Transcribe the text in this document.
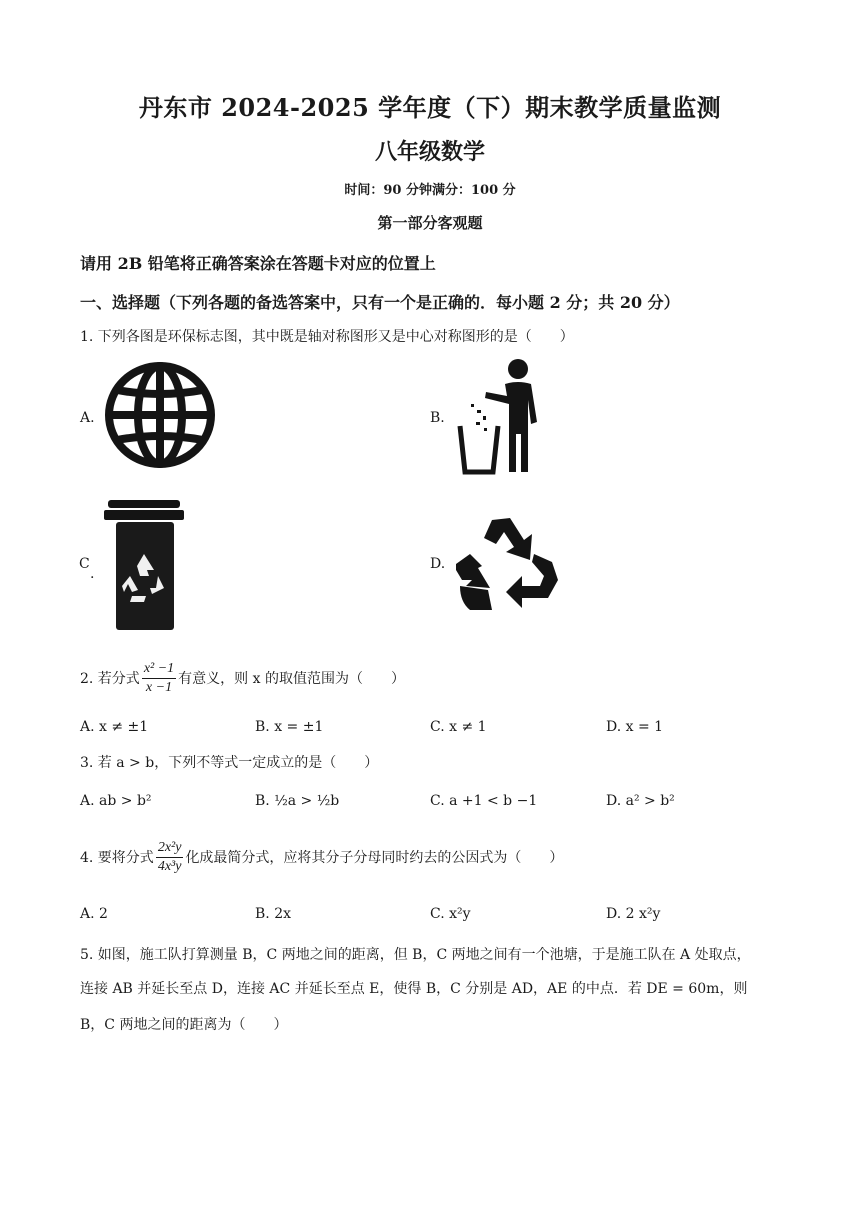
丹东市 2024-2025 学年度（下）期末教学质量监测
八年级数学
时间：90 分钟满分：100 分
第一部分客观题
请用 2B 铅笔将正确答案涂在答题卡对应的位置上
一、选择题（下列各题的备选答案中，只有一个是正确的．每小题 2 分；共 20 分）
1. 下列各图是环保标志图，其中既是轴对称图形又是中心对称图形的是（　　）
A.	B.
C
.
D.
2. 若分式 $\frac{\text{x² −1}}{x -1}$ 有意义，则 x 的取值范围为（　　）
A. x ≠ ±1	B. x = ±1	C. x ≠ 1	D. x = 1
3. 若 a > b，下列不等式一定成立的是（　　）
A. ab > b²	B. ½a > ½b	C. a +1 < b −1	D. a² > b²
4. 要将分式 $\frac{\text{2x²y}}{\text{4x³y}}$ 化成最简分式，应将其分子分母同时约去的公因式为（　　）
A. 2	B. 2x	C. x²y	D. 2 x²y
5. 如图，施工队打算测量 B，C 两地之间的距离，但 B，C 两地之间有一个池塘，于是施工队在 A 处取点，
连接 AB 并延长至点 D，连接 AC 并延长至点 E，使得 B，C 分别是 AD，AE 的中点．若 DE = 60m，则
B，C 两地之间的距离为（　　）
